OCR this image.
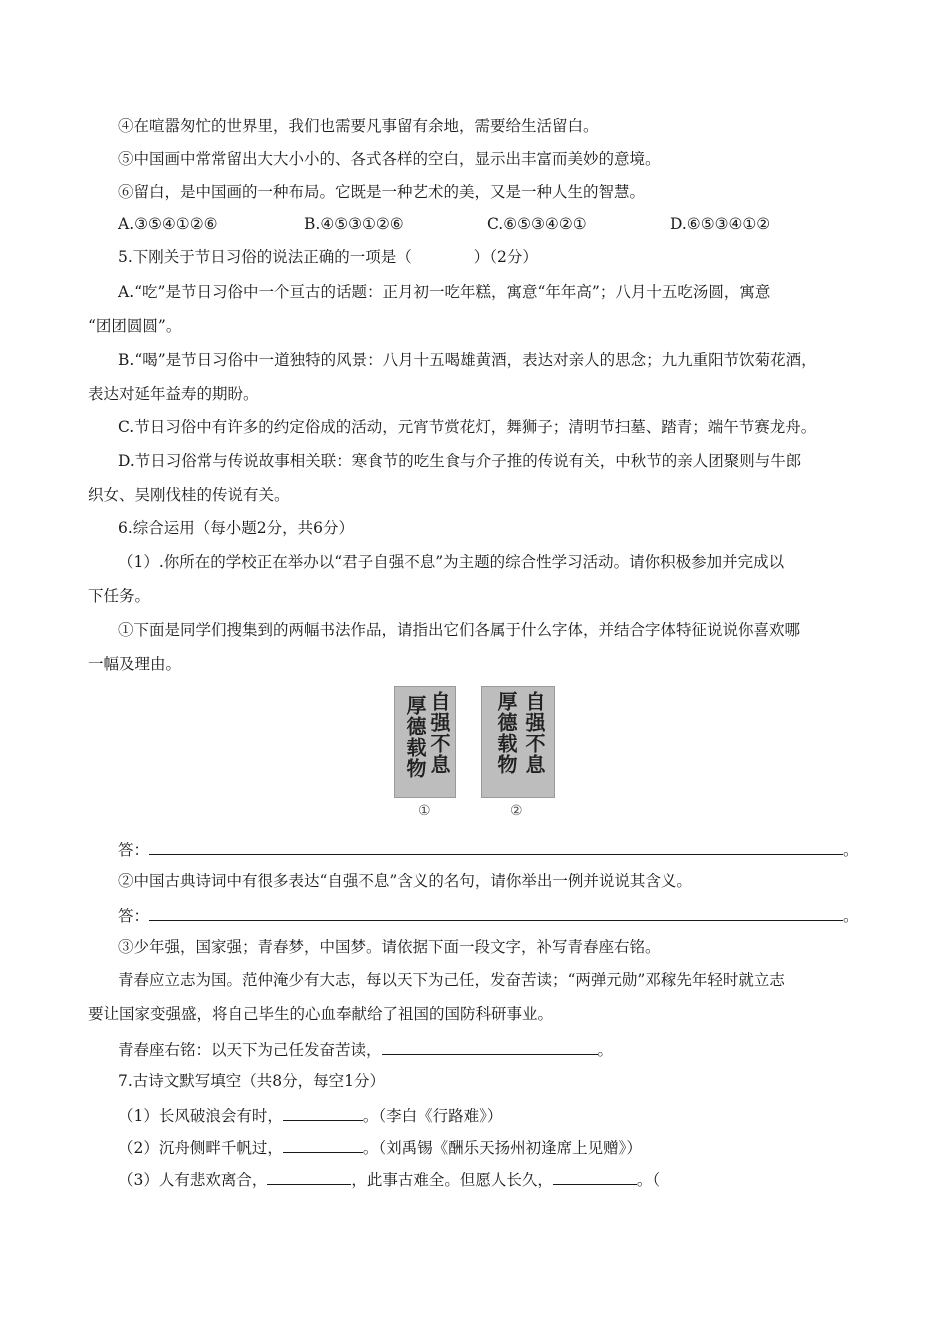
④在喧嚣匆忙的世界里，我们也需要凡事留有余地，需要给生活留白。
⑤中国画中常常留出大大小小的、各式各样的空白，显示出丰富而美妙的意境。
⑥留白，是中国画的一种布局。它既是一种艺术的美，又是一种人生的智慧。
A.③⑤④①②⑥	B.④⑤③①②⑥	C.⑥⑤③④②①	D.⑥⑤③④①②
5.下刚关于节日习俗的说法正确的一项是（　　　　）（2分）
A.“吃”是节日习俗中一个亘古的话题：正月初一吃年糕，寓意“年年高”；八月十五吃汤圆，寓意
“团团圆圆”。
B.“喝”是节日习俗中一道独特的风景：八月十五喝雄黄酒，表达对亲人的思念；九九重阳节饮菊花酒，
表达对延年益寿的期盼。
C.节日习俗中有许多的约定俗成的活动，元宵节赏花灯，舞狮子；清明节扫墓、踏青；端午节赛龙舟。
D.节日习俗常与传说故事相关联：寒食节的吃生食与介子推的传说有关，中秋节的亲人团聚则与牛郎
织女、吴刚伐桂的传说有关。
6.综合运用（每小题2分，共6分）
（1）.你所在的学校正在举办以“君子自强不息”为主题的综合性学习活动。请你积极参加并完成以
下任务。
①下面是同学们搜集到的两幅书法作品，请指出它们各属于什么字体，并结合字体特征说说你喜欢哪
一幅及理由。
自强不息
厚德载物
①
自强不息
厚德载物
②
答：	。
②中国古典诗词中有很多表达“自强不息”含义的名句，请你举出一例并说说其含义。
答：	。
③少年强，国家强；青春梦，中国梦。请依据下面一段文字，补写青春座右铭。
青春应立志为国。范仲淹少有大志，每以天下为己任，发奋苦读；“两弹元勋”邓稼先年轻时就立志
要让国家变强盛，将自己毕生的心血奉献给了祖国的国防科研事业。
青春座右铭：以天下为己任发奋苦读，	。
7.古诗文默写填空（共8分，每空1分）
（1）长风破浪会有时，	。（李白《行路难》）
（2）沉舟侧畔千帆过，	。（刘禹锡《酬乐天扬州初逢席上见赠》）
（3）人有悲欢离合，	，此事古难全。但愿人长久，	。（
